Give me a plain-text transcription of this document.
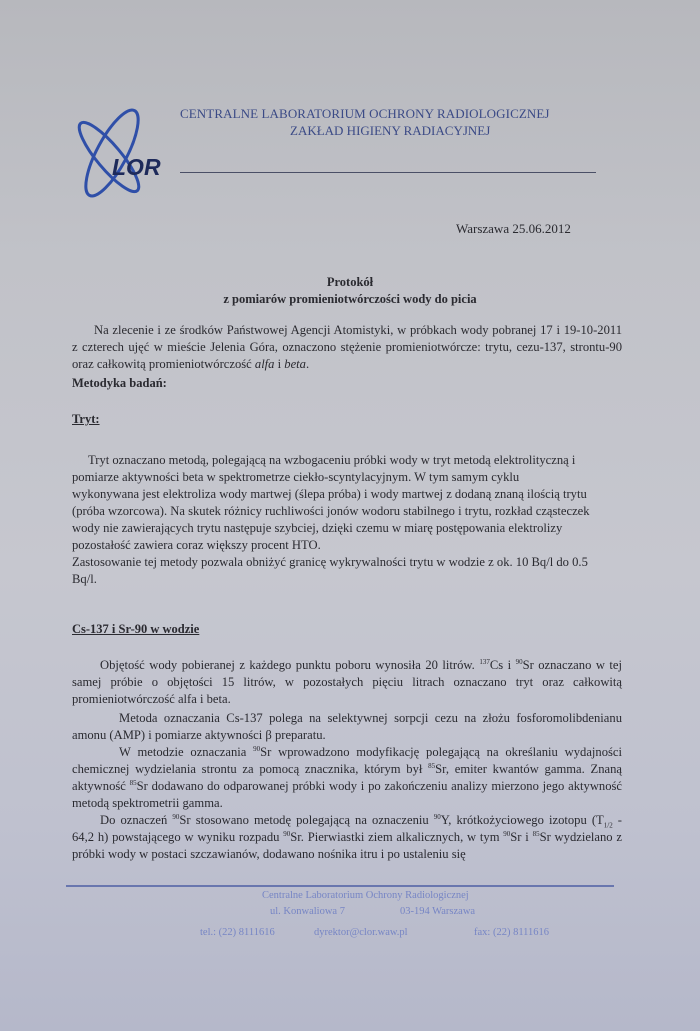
LOR
CENTRALNE LABORATORIUM OCHRONY RADIOLOGICZNEJ
ZAKŁAD HIGIENY RADIACYJNEJ
Warszawa 25.06.2012
Protokół
z pomiarów promieniotwórczości wody do picia
Na zlecenie i ze środków Państwowej Agencji Atomistyki, w próbkach wody pobranej 17 i 19-10-2011 z czterech ujęć w mieście Jelenia Góra, oznaczono stężenie promieniotwórcze: trytu, cezu-137, strontu-90 oraz całkowitą promieniotwórczość alfa i beta.
Metodyka badań:
Tryt:
Tryt oznaczano metodą, polegającą na wzbogaceniu próbki wody w tryt metodą elektrolityczną i
pomiarze aktywności beta w spektrometrze ciekło-scyntylacyjnym. W tym samym cyklu
wykonywana jest elektroliza wody martwej (ślepa próba) i wody martwej z dodaną znaną ilością trytu
(próba wzorcowa). Na skutek różnicy ruchliwości jonów wodoru stabilnego i trytu, rozkład cząsteczek
wody nie zawierających trytu następuje szybciej, dzięki czemu w miarę postępowania elektrolizy
pozostałość zawiera coraz większy procent HTO.
Zastosowanie tej metody pozwala obniżyć granicę wykrywalności trytu w wodzie z ok. 10 Bq/l do 0.5
Bq/l.
Cs-137 i Sr-90 w wodzie
Objętość wody pobieranej z każdego punktu poboru wynosiła 20 litrów. $^{137}$Cs i $^{90}$Sr oznaczano w tej samej próbie o objętości 15 litrów, w pozostałych pięciu litrach oznaczano tryt oraz całkowitą promieniotwórczość alfa i beta.
Metoda oznaczania Cs-137 polega na selektywnej sorpcji cezu na złożu fosforomolibdenianu amonu (AMP) i pomiarze aktywności β preparatu.
W metodzie oznaczania $^{90}$Sr wprowadzono modyfikację polegającą na określaniu wydajności chemicznej wydzielania strontu za pomocą znacznika, którym był $^{85}$Sr, emiter kwantów gamma. Znaną aktywność $^{85}$Sr dodawano do odparowanej próbki wody i po zakończeniu analizy mierzono jego aktywność metodą spektrometrii gamma.
Do oznaczeń $^{90}$Sr stosowano metodę polegającą na oznaczeniu $^{90}$Y, krótkożyciowego izotopu ($T_{1/2} - 64,2$ h) powstającego w wyniku rozpadu $^{90}$Sr. Pierwiastki ziem alkalicznych, w tym $^{90}$Sr i $^{85}$Sr wydzielano z próbki wody w postaci szczawianów, dodawano nośnika itru i po ustaleniu się
Centralne Laboratorium Ochrony Radiologicznej
ul. Konwaliowa 7	03-194 Warszawa
tel.: (22) 8111616	dyrektor@clor.waw.pl	fax: (22) 8111616
